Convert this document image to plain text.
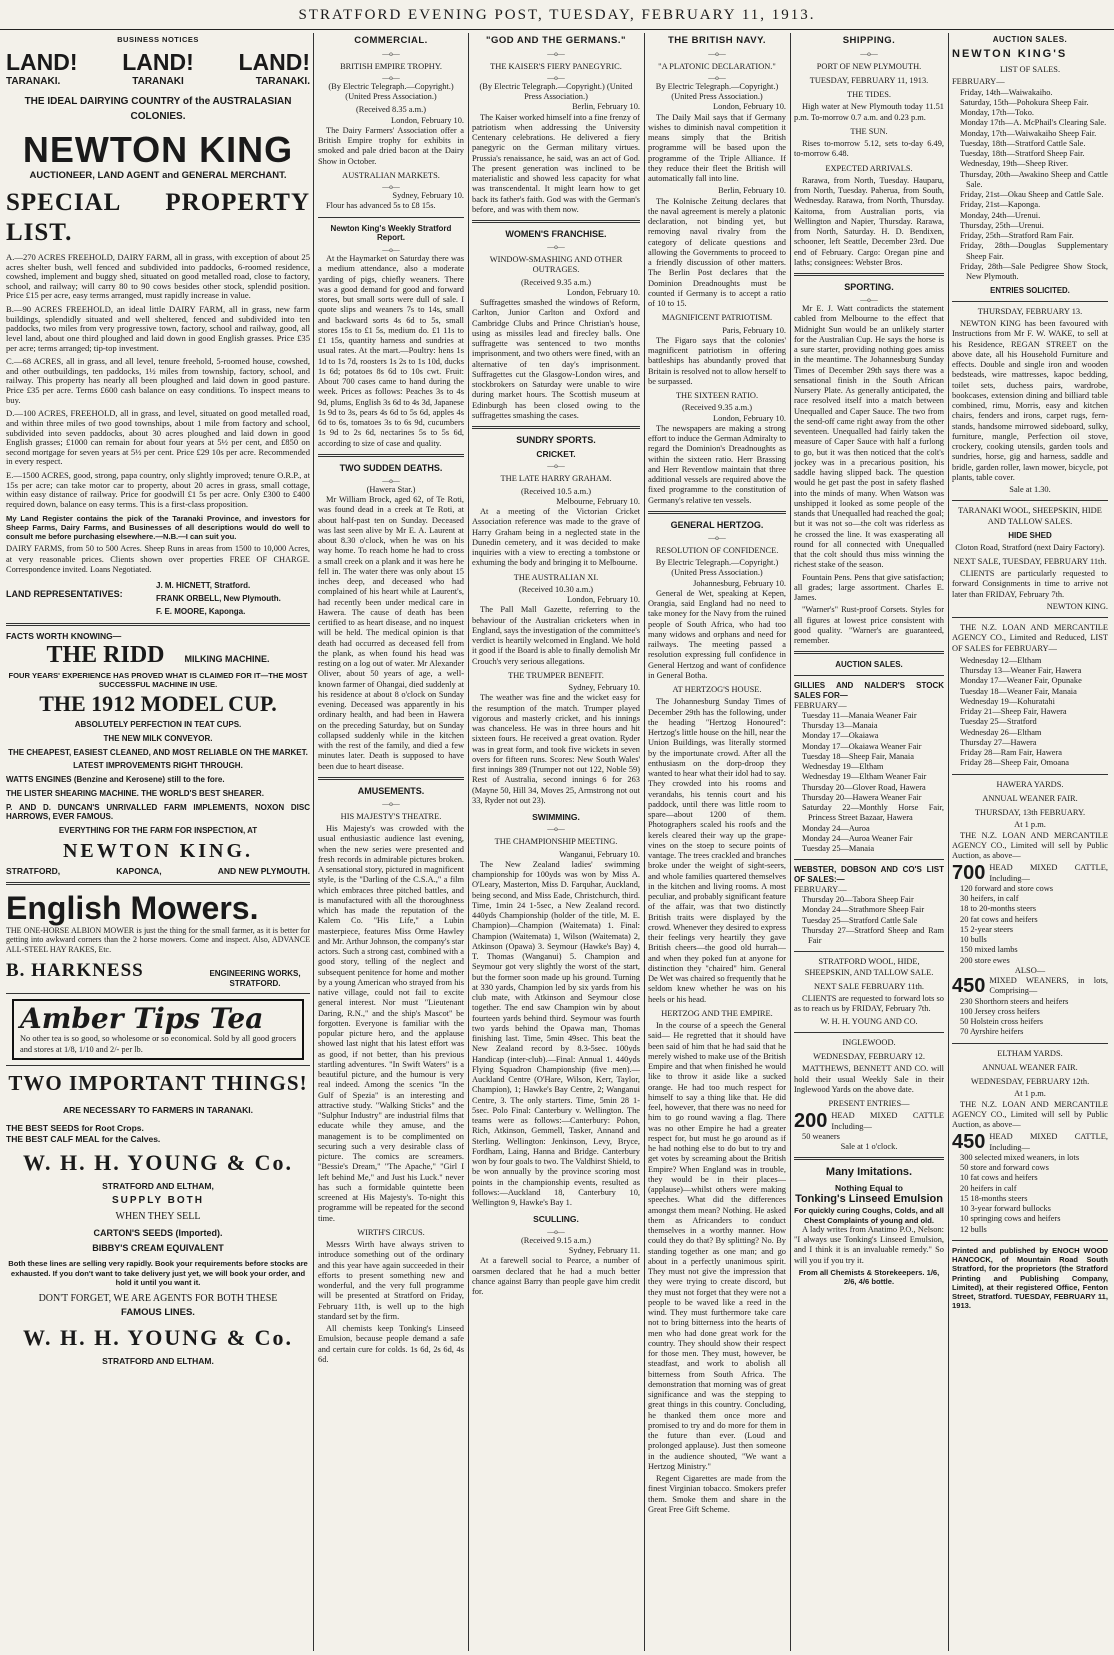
STRATFORD EVENING POST, TUESDAY, FEBRUARY 11, 1913.
BUSINESS NOTICES
LAND! LAND! LAND!
TARANAKI.	TARANAKI	TARANAKI.
THE IDEAL DAIRYING COUNTRY of the AUSTRALASIAN COLONIES.
NEWTON KING
AUCTIONEER, LAND AGENT and GENERAL MERCHANT.
SPECIAL PROPERTY LIST.

A.—270 ACRES FREEHOLD, DAIRY FARM, all in grass, with exception of about 25 acres shelter bush, well fenced and subdivided into paddocks, 6-roomed residence, cowshed, implement and buggy shed, situated on good metalled road, close to factory, school, and railway; will carry 80 to 90 cows besides other stock, splendid position. Price £15 per acre, easy terms arranged, must rapidly increase in value.

B.—90 ACRES FREEHOLD, an ideal little DAIRY FARM, all in grass, new farm buildings, splendidly situated and well sheltered, fenced and subdivided into ten paddocks, two miles from very progressive town, factory, school and railway, good, all level land, about one third ploughed and laid down in good English grasses. Price £35 per acre; terms arranged; tip-top investment.

C.—68 ACRES, all in grass, and all level, tenure freehold, 5-roomed house, cowshed, and other outbuildings, ten paddocks, 1½ miles from township, factory, school, and railway. This property has nearly all been ploughed and laid down in good pasture. Price £35 per acre. Terms £600 cash balance on easy conditions. To inspect means to buy.

D.—100 ACRES, FREEHOLD, all in grass, and level, situated on good metalled road, and within three miles of two good townships, about 1 mile from factory and school, subdivided into seven paddocks, about 30 acres ploughed and laid down in good English grasses; £1000 can remain for about four years at 5½ per cent, and £850 on second mortgage for seven years at 5½ per cent. Price £29 10s per acre. Recommended in every respect.

E.—1500 ACRES, good, strong, papa country, only slightly improved; tenure O.R.P., at 15s per acre; can take motor car to property, about 20 acres in grass, small cottage, within easy distance of railway. Price for goodwill £1 5s per acre. Only £300 to £400 required down, balance on easy terms. This is a first-class proposition.

My Land Register contains the pick of the Taranaki Province, and investors for Sheep Farms, Dairy Farms, and Businesses of all descriptions would do well to consult me before purchasing elsewhere.—N.B.—I can suit you.

DAIRY FARMS, from 50 to 500 Acres. Sheep Runs in areas from 1500 to 10,000 Acres, at very reasonable prices. Clients shown over properties FREE OF CHARGE. Correspondence invited. Loans Negotiated.

LAND REPRESENTATIVES:
J. M. HICNETT, Stratford.
FRANK ORBELL, New Plymouth.
F. E. MOORE, Kaponga.
FACTS WORTH KNOWING—
THE RIDD MILKING MACHINE.
FOUR YEARS' EXPERIENCE HAS PROVED WHAT IS CLAIMED FOR IT—THE MOST SUCCESSFUL MACHINE IN USE.
THE 1912 MODEL CUP.
ABSOLUTELY PERFECTION IN TEAT CUPS.
THE NEW MILK CONVEYOR.
THE CHEAPEST, EASIEST CLEANED, AND MOST RELIABLE ON THE MARKET.
LATEST IMPROVEMENTS RIGHT THROUGH.
WATTS ENGINES (Benzine and Kerosene) still to the fore.
THE LISTER SHEARING MACHINE. THE WORLD'S BEST SHEARER.
P. AND D. DUNCAN'S UNRIVALLED FARM IMPLEMENTS, NOXON DISC HARROWS, EVER FAMOUS.
EVERYTHING FOR THE FARM FOR INSPECTION, AT
NEWTON KING.
STRATFORD,	KAPONCA,	AND NEW PLYMOUTH.
English Mowers.

THE ONE-HORSE ALBION MOWER is just the thing for the small farmer, as it is better for getting into awkward corners than the 2 horse mowers. Come and inspect. Also, ADVANCE ALL-STEEL HAY RAKES, Etc.

B. HARKNESS	ENGINEERING WORKS, STRATFORD.
Amber Tips Tea
No other tea is so good, so wholesome or so economical. Sold by all good grocers and stores at 1/8, 1/10 and 2/- per lb.
TWO IMPORTANT THINGS!
ARE NECESSARY TO FARMERS IN TARANAKI.
THE BEST SEEDS for Root Crops.
THE BEST CALF MEAL for the Calves.
W. H. H. YOUNG & Co.
STRATFORD AND ELTHAM,
SUPPLY BOTH
WHEN THEY SELL
CARTON'S SEEDS (Imported).
BIBBY'S CREAM EQUIVALENT

Both these lines are selling very rapidly. Book your requirements before stocks are exhausted. If you don't want to take delivery just yet, we will book your order, and hold it until you want it.

DON'T FORGET, WE ARE AGENTS FOR BOTH THESE
FAMOUS LINES.
W. H. H. YOUNG & Co.
STRATFORD AND ELTHAM.
COMMERCIAL.
—o—
BRITISH EMPIRE TROPHY.
—o—
(By Electric Telegraph.—Copyright.) (United Press Association.)
(Received 8.35 a.m.)
London, February 10.

The Dairy Farmers' Association offer a British Empire trophy for exhibits in smoked and pale dried bacon at the Dairy Show in October.

AUSTRALIAN MARKETS.
—o—
Sydney, February 10.

Flour has advanced 5s to £8 15s.

Newton King's Weekly Stratford Report.
—o—

At the Haymarket on Saturday there was a medium attendance, also a moderate yarding of pigs, chiefly weaners. There was a good demand for good and forward stores, but small sorts were dull of sale. I quote slips and weaners 7s to 14s, small and backward sorts 4s 6d to 5s, small stores 15s to £1 5s, medium do. £1 11s to £1 15s, quantity harness and sundries at usual rates. At the mart.—Poultry: hens 1s 1d to 1s 7d, roosters 1s 2s to 1s 10d, ducks 1s 6d; potatoes 8s 6d to 10s cwt. Fruit: About 700 cases came to hand during the week. Prices as follows: Peaches 3s to 4s 9d, plums, English 3s 6d to 4s 3d, Japanese 1s 9d to 3s, pears 4s 6d to 5s 6d, apples 4s 6d to 6s, tomatoes 3s to 6s 9d, cucumbers 1s 9d to 2s 6d, nectarines 5s to 5s 6d, according to size of case and quality.

TWO SUDDEN DEATHS.
—o—
(Hawera Star.)

Mr William Brock, aged 62, of Te Roti, was found dead in a creek at Te Roti, at about half-past ten on Sunday. Deceased was last seen alive by Mr E. A. Laurent at about 8.30 o'clock, when he was on his way home. To reach home he had to cross a small creek on a plank and it was here he fell in. The water there was only about 15 inches deep, and deceased who had complained of his heart while at Laurent's, had recently been under medical care in Hawera. The cause of death has been certified to as heart disease, and no inquest will be held. The medical opinion is that death had occurred as deceased fell from the plank, as when found his head was resting on a log out of water. Mr Alexander Oliver, about 50 years of age, a well-known farmer of Ohangai, died suddenly at his residence at about 8 o'clock on Sunday evening. Deceased was apparently in his ordinary health, and had been in Hawera on the preceding Saturday, but on Sunday collapsed suddenly while in the kitchen with the rest of the family, and died a few minutes later. Death is supposed to have been due to heart disease.

AMUSEMENTS.
—o—
HIS MAJESTY'S THEATRE.

His Majesty's was crowded with the usual enthusiastic audience last evening, when the new series were presented and fresh records in admirable pictures broken. A sensational story, pictured in magnificent style, is the "Darling of the C.S.A.," a film which embraces three pitched battles, and is manufactured with all the thoroughness which has made the reputation of the Kalem Co. "His Life," a Lubin masterpiece, features Miss Orme Hawley and Mr. Arthur Johnson, the company's star actors. Such a strong cast, combined with a good story, telling of the neglect and subsequent penitence for home and mother by a young American who strayed from his native village, could not fail to excite general interest. Nor must "Lieutenant Daring, R.N.," and the ship's Mascot" be forgotten. Everyone is familiar with the popular picture hero, and the applause showed last night that his latest effort was as good, if not better, than his previous startling adventures. "In Swift Waters" is a beautiful picture, and the humour is very real indeed. Among the scenics "In the Gulf of Spezia" is an interesting and attractive study. "Walking Sticks" and the "Sulphur Industry" are industrial films that educate while they amuse, and the management is to be complimented on securing such a very desirable class of picture. The comics are screamers. "Bessie's Dream," "The Apache," "Girl I left behind Me," and Just his Luck." never has such a formidable quintette been screened at His Majesty's. To-night this programme will be repeated for the second time.

WIRTH'S CIRCUS.

Messrs Wirth have always striven to introduce something out of the ordinary and this year have again succeeded in their efforts to present something new and wonderful, and the very full programme will be presented at Stratford on Friday, February 11th, is well up to the high standard set by the firm.

All chemists keep Tonking's Linseed Emulsion, because people demand a safe and certain cure for colds. 1s 6d, 2s 6d, 4s 6d.

"GOD AND THE GERMANS."
—o—
THE KAISER'S FIERY PANEGYRIC.
—o—
(By Electric Telegraph.—Copyright.) (United Press Association.)
Berlin, February 10.

The Kaiser worked himself into a fine frenzy of patriotism when addressing the University Centenary celebrations. He delivered a fiery panegyric on the German military virtues. Prussia's renaissance, he said, was an act of God. The present generation was inclined to be materialistic and showed less capacity for what was transcendental. It might learn how to get back its father's faith. God was with the German's before, and was with them now.

WOMEN'S FRANCHISE.
—o—
WINDOW-SMASHING AND OTHER OUTRAGES.
(Received 9.35 a.m.)
London, February 10.

Suffragettes smashed the windows of Reform, Carlton, Junior Carlton and Oxford and Cambridge Clubs and Prince Christian's house, using as missiles lead and firecley balls. One suffragette was sentenced to two months imprisonment, and two others were fined, with an alternative of ten day's imprisonment. Suffragettes cut the Glasgow-London wires, and stockbrokers on Saturday were unable to wire during market hours. The Scottish museum at Edinburgh has been closed owing to the suffragettes smashing the cases.

SUNDRY SPORTS.
CRICKET.
—o—
THE LATE HARRY GRAHAM.
(Received 10.5 a.m.)
Melbourne, February 10.

At a meeting of the Victorian Cricket Association reference was made to the grave of Harry Graham being in a neglected state in the Dunedin cemetery, and it was decided to make inquiries with a view to erecting a tombstone or exhuming the body and bringing it to Melbourne.

THE AUSTRALIAN XI.
(Received 10.30 a.m.)
London, February 10.

The Pall Mall Gazette, referring to the behaviour of the Australian cricketers when in England, says the investigation of the committee's verdict is heartily welcomed in England. We hold it good if the Board is able to finally demolish Mr Crouch's very serious allegations.

THE TRUMPER BENEFIT.
Sydney, February 10.

The weather was fine and the wicket easy for the resumption of the match. Trumper played vigorous and masterly cricket, and his innings was chanceless. He was in three hours and hit sixteen fours. He received a great ovation. Ryder was in great form, and took five wickets in seven overs for fifteen runs. Scores: New South Wales' first innings 389 (Trumper not out 122, Noble 59) Rest of Australia, second innings 6 for 263 (Mayne 50, Hill 34, Moves 25, Armstrong not out 33, Ryder not out 23).

SWIMMING.
—o—
THE CHAMPIONSHIP MEETING.
Wanganui, February 10.

The New Zealand ladies' swimming championship for 100yds was won by Miss A. O'Leary, Masterton, Miss D. Farquhar, Auckland, being second, and Miss Eade, Christchurch, third. Time, 1min 24 1-5sec, a New Zealand record. 440yds Championship (holder of the title, M. E. Champion)—Champion (Waitemata) 1. Final: Champion (Waitemata) 1, Wilson (Waitemata) 2, Atkinson (Opawa) 3. Seymour (Hawke's Bay) 4, T. Thomas (Wanganui) 5. Champion and Seymour got very slightly the worst of the start, but the former soon made up his ground. Turning at 330 yards, Champion led by six yards from his club mate, with Atkinson and Seymour close together. The end saw Champion win by about fourteen yards behind third. Seymour was fourth two yards behind the Opawa man, Thomas finishing last. Time, 5min 49sec. This beat the New Zealand record by 8.3-5sec. 100yds Handicap (inter-club).—Final: Annual 1. 440yds Flying Squadron Championship (five men).—Auckland Centre (O'Hare, Wilson, Kerr, Taylor, Champion), 1; Hawke's Bay Centre, 2; Wanganui Centre, 3. The only starters. Time, 5min 28 1-5sec. Polo Final: Canterbury v. Wellington. The teams were as follows:—Canterbury: Pohon, Rich, Atkinson, Gemmell, Tasker, Annand and Sterling. Wellington: Jenkinson, Levy, Bryce, Fordham, Laing, Hanna and Bridge. Canterbury won by four goals to two. The Valdhirst Shield, to be won annually by the province scoring most points in the championship events, resulted as follows:—Auckland 18, Canterbury 10, Wellington 9, Hawke's Bay 1.

SCULLING.
—o—
(Received 9.15 a.m.)
Sydney, February 11.

At a farewell social to Pearce, a number of oarsmen declared that he had a much better chance against Barry than people gave him credit for.

THE BRITISH NAVY.
—o—
"A PLATONIC DECLARATION."
—o—
By Electric Telegraph.—Copyright.) (United Press Association.)
London, February 10.

The Daily Mail says that if Germany wishes to diminish naval competition it means simply that the British programme will be based upon the programme of the Triple Alliance. If they reduce their fleet the British will automatically fall into line.

Berlin, February 10.

The Kolnische Zeitung declares that the naval agreement is merely a platonic declaration, not binding yet, but removing naval rivalry from the category of delicate questions and allowing the Governments to proceed to a friendly discussion of other matters. The Berlin Post declares that the Dominion Dreadnoughts must be counted if Germany is to accept a ratio of 10 to 15.

MAGNIFICENT PATRIOTISM.
Paris, February 10.

The Figaro says that the colonies' magnificent patriotism in offering battleships has abundantly proved that Britain is resolved not to allow herself to be surpassed.

THE SIXTEEN RATIO.
(Received 9.35 a.m.)
London, February 10.

The newspapers are making a strong effort to induce the German Admiralty to regard the Dominion's Dreadnoughts as within the sixteen ratio. Herr Brassing and Herr Reventlow maintain that three additional vessels are required above the fixed programme to the constitution of Germany's relative ten vessels.

GENERAL HERTZOG.
—o—
RESOLUTION OF CONFIDENCE.
By Electric Telegraph.—Copyright.) (United Press Association.)
Johannesburg, February 10.

General de Wet, speaking at Kepen, Orangia, said England had no need to take money for the Navy from the ruined people of South Africa, who had too many widows and orphans and need for railways. The meeting passed a resolution expressing full confidence in General Hertzog and want of confidence in General Botha.

AT HERTZOG'S HOUSE.

The Johannesburg Sunday Times of December 29th has the following, under the heading "Hertzog Honoured": Hertzog's little house on the hill, near the Union Buildings, was literally stormed by the importunate crowd. After all the enthusiasm on the dorp-droop they wanted to hear what their idol had to say. They crowded into his rooms and verandahs, his tennis court and his paddock, until there was little room to spare—about 1200 of them. Photographers scaled his roofs and the kerels cleared their way up the grape-vines on the stoep to secure points of vantage. The trees crackled and branches broke under the weight of sight-seers, and whole families quartered themselves in the kitchen and living rooms. A most peculiar, and probably significant feature of the affair, was that two distinctly British traits were displayed by the crowd. Whenever they desired to express their feelings very heartily they gave British cheers—the good old hurrah—and when they poked fun at anyone for distinction they "chaired" him. General De Wet was chaired so frequently that he seldom knew whether he was on his heels or his head.

HERTZOG AND THE EMPIRE.

In the course of a speech the General said— He regretted that it should have been said of him that he had said that he merely wished to make use of the British Empire and that when finished he would like to throw it aside like a sucked orange. He had too much respect for himself to say a thing like that. He did feel, however, that there was no need for him to go round waving a flag. There was no other Empire he had a greater respect for, but must he go around as if he had nothing else to do but to try and get votes by screaming about the British Empire? When England was in trouble, they would be in their places—(applause)—whilst others were making speeches. What did the differences amongst them mean? Nothing. He asked them as Africanders to conduct themselves in a worthy manner. How could they do that? By splitting? No. By standing together as one man; and go about in a perfectly unanimous spirit. They must not give the impression that they were trying to create discord, but they must not forget that they were not a people to be waved like a reed in the wind. They must furthermore take care not to bring bitterness into the hearts of men who had done great work for the country. They should show their respect for those men. They must, however, be steadfast, and work to abolish all bitterness from South Africa. The demonstration that morning was of great significance and was the stepping to great things in this country. Concluding, he thanked them once more and promised to try and do more for them in the future than ever. (Loud and prolonged applause). Just then someone in the audience shouted, "We want a Hertzog Ministry."

Regent Cigarettes are made from the finest Virginian tobacco. Smokers prefer them. Smoke them and share in the Great Free Gift Scheme.

SHIPPING.
—o—
PORT OF NEW PLYMOUTH.
TUESDAY, FEBRUARY 11, 1913.
THE TIDES.

High water at New Plymouth today 11.51 p.m. To-morrow 0.7 a.m. and 0.23 p.m.

THE SUN.

Rises to-morrow 5.12, sets to-day 6.49, to-morrow 6.48.

EXPECTED ARRIVALS.

Rarawa, from North, Tuesday. Hauparu, from North, Tuesday. Paherua, from South, Wednesday. Rarawa, from North, Thursday. Kaitoma, from Australian ports, via Wellington and Napier, Thursday. Rarawa, from North, Saturday. H. D. Bendixen, schooner, left Seattle, December 23rd. Due end of February. Cargo: Oregan pine and laths; consignees: Webster Bros.

SPORTING.
—o—

Mr E. J. Watt contradicts the statement cabled from Melbourne to the effect that Midnight Sun would be an unlikely starter for the Australian Cup. He says the horse is a sure starter, providing nothing goes amiss in the meantime. The Johannesburg Sunday Times of December 29th says there was a sensational finish in the South African Nursery Plate. As generally anticipated, the race resolved itself into a match between Unequalled and Caper Sauce. The two from the send-off came right away from the other seventeen. Unequalled had fairly taken the measure of Caper Sauce with half a furlong to go, but it was then noticed that the colt's jockey was in a precarious position, his saddle having slipped back. The question would he get past the post in safety flashed into the minds of many. When Watson was unshipped it looked as some people of the stands that Unequalled had reached the goal; but it was not so—the colt was riderless as he crossed the line. It was exasperating all round for all connected with Unequalled that the colt should thus miss winning the richest stake of the season.

Fountain Pens. Pens that give satisfaction; all grades; large assortment. Charles E. James.

"Warner's" Rust-proof Corsets. Styles for all figures at lowest price consistent with good quality. "Warner's are guaranteed, remember.

AUCTION SALES.
GILLIES AND NALDER'S STOCK SALES FOR—
FEBRUARY—
Tuesday 11—Manaia Weaner Fair
Thursday 13—Manaia
Monday 17—Okaiawa
Monday 17—Okaiawa Weaner Fair
Tuesday 18—Sheep Fair, Manaia
Wednesday 19—Eltham
Wednesday 19—Eltham Weaner Fair
Thursday 20—Glover Road, Hawera
Thursday 20—Hawera Weaner Fair
Saturday 22—Monthly Horse Fair, Princess Street Bazaar, Hawera
Monday 24—Auroa
Monday 24—Auroa Weaner Fair
Tuesday 25—Manaia
WEBSTER, DOBSON AND CO'S LIST OF SALES:—
FEBRUARY—
Thursday 20—Tabora Sheep Fair
Monday 24—Strathmore Sheep Fair
Tuesday 25—Stratford Cattle Sale
Thursday 27—Stratford Sheep and Ram Fair
STRATFORD WOOL, HIDE, SHEEPSKIN, AND TALLOW SALE.
NEXT SALE FEBRUARY 11th.

CLIENTS are requested to forward lots so as to reach us by FRIDAY, February 7th.

W. H. H. YOUNG AND CO.
INGLEWOOD.
WEDNESDAY, FEBRUARY 12.

MATTHEWS, BENNETT AND CO. will hold their usual Weekly Sale in their Inglewood Yards on the above date.

PRESENT ENTRIES—
200 HEAD MIXED CATTLE Including—
50 weaners
Sale at 1 o'clock.
Many Imitations.
Nothing Equal to
Tonking's Linseed Emulsion
For quickly curing Coughs, Colds, and all Chest Complaints of young and old.

A lady writes from Anatimo P.O., Nelson: "I always use Tonking's Linseed Emulsion, and I think it is an invaluable remedy." So will you if you try it.

From all Chemists & Storekeepers. 1/6, 2/6, 4/6 bottle.
AUCTION SALES.
NEWTON KING'S
LIST OF SALES.
FEBRUARY—
Friday, 14th—Waiwakaiho.
Saturday, 15th—Pohokura Sheep Fair.
Monday, 17th—Toko.
Monday 17th—A. McPhail's Clearing Sale.
Monday, 17th—Waiwakaiho Sheep Fair.
Tuesday, 18th—Stratford Cattle Sale.
Tuesday, 18th—Stratford Sheep Fair.
Wednesday, 19th—Sheep River.
Thursday, 20th—Awakino Sheep and Cattle Sale.
Friday, 21st—Okau Sheep and Cattle Sale.
Friday, 21st—Kaponga.
Monday, 24th—Urenui.
Thursday, 25th—Urenui.
Friday, 25th—Stratford Ram Fair.
Friday, 28th—Douglas Supplementary Sheep Fair.
Friday, 28th—Sale Pedigree Show Stock, New Plymouth.
ENTRIES SOLICITED.
THURSDAY, FEBRUARY 13.

NEWTON KING has been favoured with Instructions from Mr F. W. WAKE, to sell at his Residence, REGAN STREET on the above date, all his Household Furniture and effects. Double and single iron and wooden bedsteads, wire mattresses, kapoc bedding, toilet sets, duchess pairs, wardrobe, bookcases, extension dining and billiard table combined, rimu, Morris, easy and kitchen chairs, fenders and irons, carpet rugs, fern-stands, handsome mirrowed sideboard, sulky, furniture, mangle, Perfection oil stove, crockery, cooking utensils, garden tools and sundries, horse, gig and harness, saddle and bridle, garden roller, lawn mower, bicycle, pot plants, table cover.

Sale at 1.30.
TARANAKI WOOL, SHEEPSKIN, HIDE AND TALLOW SALES.
HIDE SHED
Cloton Road, Stratford (next Dairy Factory).
NEXT SALE, TUESDAY, FEBRUARY 11th.

CLIENTS are particularly requested to forward Consignments in time to arrive not later than FRIDAY, February 7th.

NEWTON KING.

THE N.Z. LOAN AND MERCANTILE AGENCY CO., Limited and Reduced, LIST OF SALES for FEBRUARY—

Wednesday 12—Eltham
Thursday 13—Weaner Fair, Hawera
Monday 17—Weaner Fair, Opunake
Tuesday 18—Weaner Fair, Manaia
Wednesday 19—Kohuratahi
Friday 21—Sheep Fair, Hawera
Tuesday 25—Stratford
Wednesday 26—Eltham
Thursday 27—Hawera
Friday 28—Ram Fair, Hawera
Friday 28—Sheep Fair, Omoana
HAWERA YARDS.
ANNUAL WEANER FAIR.
THURSDAY, 13th FEBRUARY.
At 1 p.m.

THE N.Z. LOAN AND MERCANTILE AGENCY CO., Limited will sell by Public Auction, as above—

700 HEAD MIXED CATTLE, Including—
120 forward and store cows
30 heifers, in calf
18 to 20-months steers
20 fat cows and heifers
15 2-year steers
10 bulls
150 mixed lambs
200 store ewes
ALSO—
450 MIXED WEANERS, in lots, Comprising—
230 Shorthorn steers and heifers
100 Jersey cross heifers
50 Holstein cross heifers
70 Ayrshire heifers
ELTHAM YARDS.
ANNUAL WEANER FAIR.
WEDNESDAY, FEBRUARY 12th.
At 1 p.m.

THE N.Z. LOAN AND MERCANTILE AGENCY CO., Limited will sell by Public Auction, as above—

450 HEAD MIXED CATTLE, Including—
300 selected mixed weaners, in lots
50 store and forward cows
10 fat cows and heifers
20 heifers in calf
15 18-months steers
10 3-year forward bullocks
10 springing cows and heifers
12 bulls

Printed and published by ENOCH WOOD HANCOCK, of Mountain Road South Stratford, for the proprietors (the Stratford Printing and Publishing Company, Limited), at their registered Office, Fenton Street, Stratford. TUESDAY, FEBRUARY 11, 1913.
